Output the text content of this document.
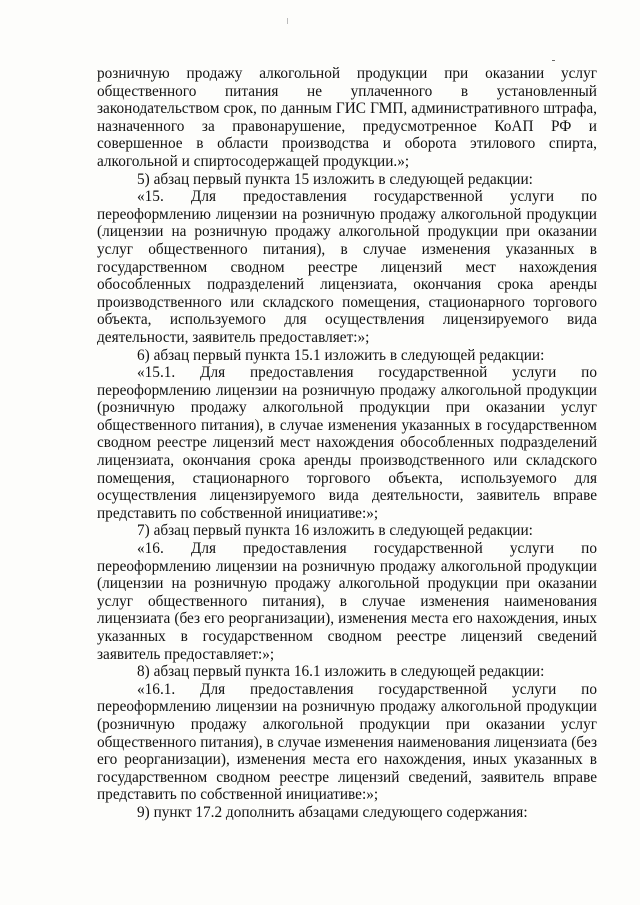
розничную продажу алкогольной продукции при оказании услуг общественного питания не уплаченного в установленный законодательством срок, по данным ГИС ГМП, административного штрафа, назначенного за правонарушение, предусмотренное КоАП РФ и совершенное в области производства и оборота этилового спирта, алкогольной и спиртосодержащей продукции.»;

5) абзац первый пункта 15 изложить в следующей редакции:

«15. Для предоставления государственной услуги по переоформлению лицензии на розничную продажу алкогольной продукции (лицензии на розничную продажу алкогольной продукции при оказании услуг общественного питания), в случае изменения указанных в государственном сводном реестре лицензий мест нахождения обособленных подразделений лицензиата, окончания срока аренды производственного или складского помещения, стационарного торгового объекта, используемого для осуществления лицензируемого вида деятельности, заявитель предоставляет:»;

6) абзац первый пункта 15.1 изложить в следующей редакции:

«15.1. Для предоставления государственной услуги по переоформлению лицензии на розничную продажу алкогольной продукции (розничную продажу алкогольной продукции при оказании услуг общественного питания), в случае изменения указанных в государственном сводном реестре лицензий мест нахождения обособленных подразделений лицензиата, окончания срока аренды производственного или складского помещения, стационарного торгового объекта, используемого для осуществления лицензируемого вида деятельности, заявитель вправе представить по собственной инициативе:»;

7) абзац первый пункта 16 изложить в следующей редакции:

«16. Для предоставления государственной услуги по переоформлению лицензии на розничную продажу алкогольной продукции (лицензии на розничную продажу алкогольной продукции при оказании услуг общественного питания), в случае изменения наименования лицензиата (без его реорганизации), изменения места его нахождения, иных указанных в государственном сводном реестре лицензий сведений заявитель предоставляет:»;

8) абзац первый пункта 16.1 изложить в следующей редакции:

«16.1. Для предоставления государственной услуги по переоформлению лицензии на розничную продажу алкогольной продукции (розничную продажу алкогольной продукции при оказании услуг общественного питания), в случае изменения наименования лицензиата (без его реорганизации), изменения места его нахождения, иных указанных в государственном сводном реестре лицензий сведений, заявитель вправе представить по собственной инициативе:»;

9) пункт 17.2 дополнить абзацами следующего содержания:
